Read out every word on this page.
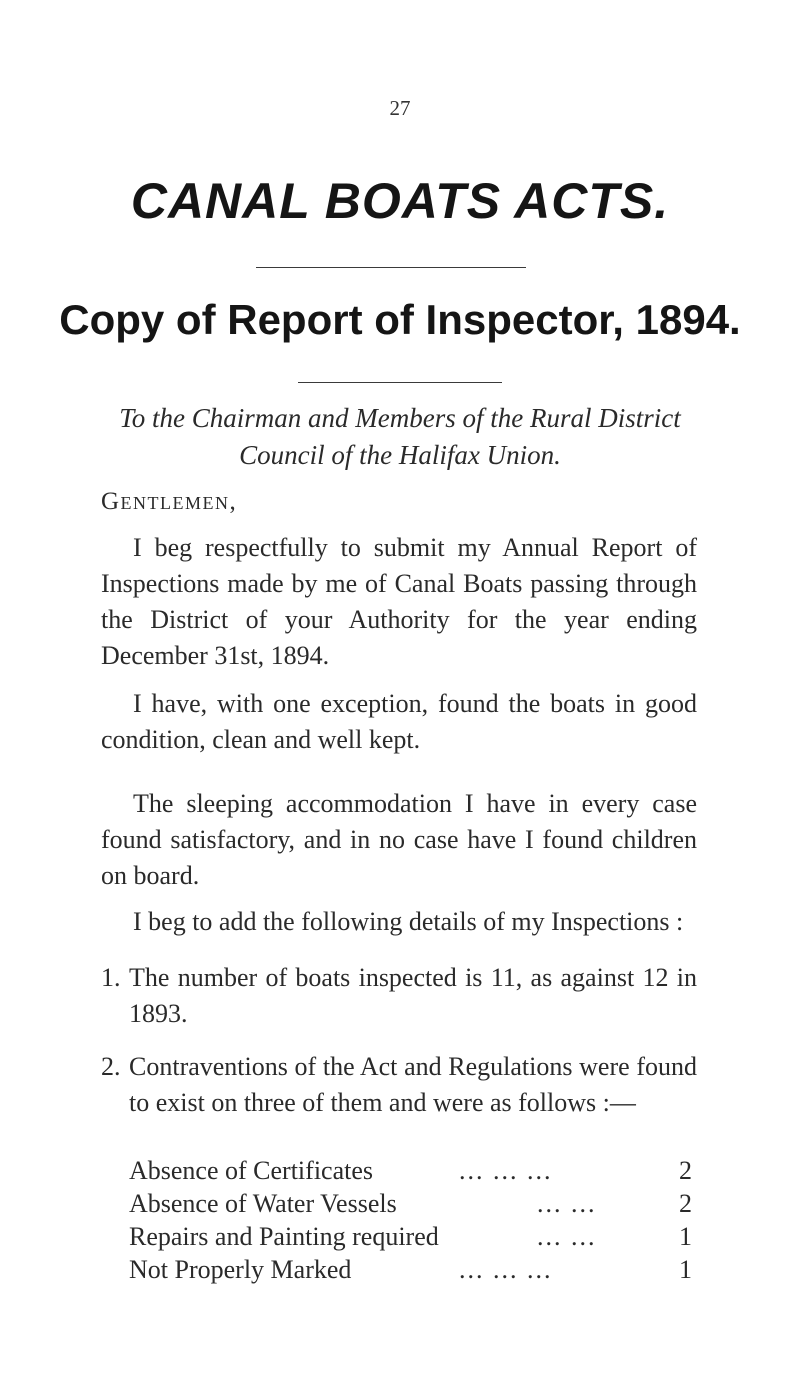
27
CANAL BOATS ACTS.
Copy of Report of Inspector, 1894.
To the Chairman and Members of the Rural District
Council of the Halifax Union.
Gentlemen,
I beg respectfully to submit my Annual Report of Inspections made by me of Canal Boats passing through the District of your Authority for the year ending December 31st, 1894.
I have, with one exception, found the boats in good condition, clean and well kept.
The sleeping accommodation I have in every case found satisfactory, and in no case have I found children on board.
I beg to add the following details of my Inspections :
1. The number of boats inspected is 11, as against 12 in 1893.
2. Contraventions of the Act and Regulations were found to exist on three of them and were as follows :—
Absence of Certificates	... ... ...	2
Absence of Water Vessels	... ...	2
Repairs and Painting required	... ...	1
Not Properly Marked	... ... ...	1
